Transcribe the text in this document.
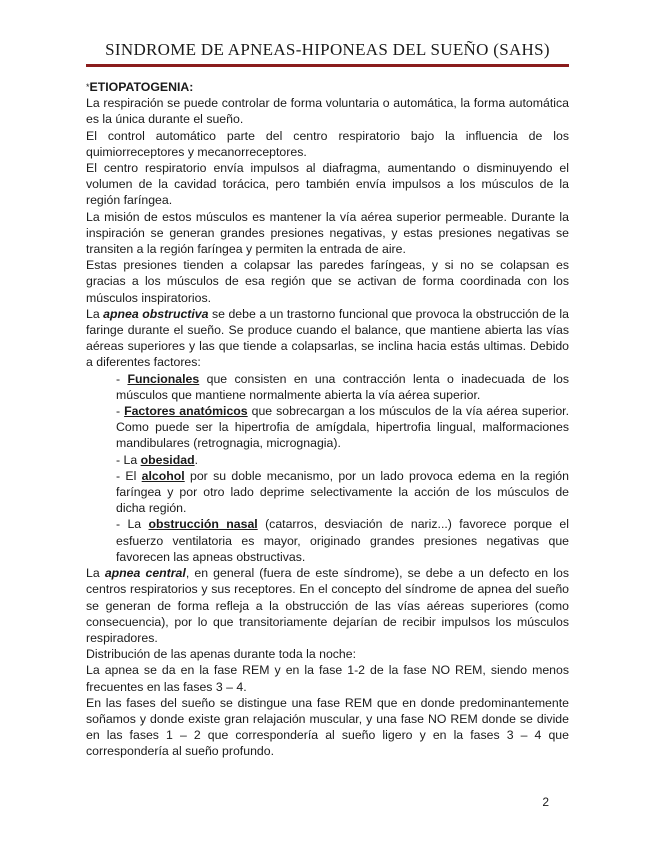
SINDROME DE APNEAS-HIPONEAS DEL SUEÑO (SAHS)

*ETIOPATOGENIA:

La respiración se puede controlar de forma voluntaria o automática, la forma automática es la única durante el sueño.

El control automático parte del centro respiratorio bajo la influencia de los quimiorreceptores y mecanorreceptores.

El centro respiratorio envía impulsos al diafragma, aumentando o disminuyendo el volumen de la cavidad torácica, pero también envía impulsos a los músculos de la región faríngea.

La misión de estos músculos es mantener la vía aérea superior permeable. Durante la inspiración se generan grandes presiones negativas, y estas presiones negativas se transiten a la región faríngea y permiten la entrada de aire.

Estas presiones tienden a colapsar las paredes faríngeas, y si no se colapsan es gracias a los músculos de esa región que se activan de forma coordinada con los músculos inspiratorios.

La apnea obstructiva se debe a un trastorno funcional que provoca la obstrucción de la faringe durante el sueño. Se produce cuando el balance, que mantiene abierta las vías aéreas superiores y las que tiende a colapsarlas, se inclina hacia estás ultimas. Debido a diferentes factores:

- Funcionales que consisten en una contracción lenta o inadecuada de los músculos que mantiene normalmente abierta la vía aérea superior.

- Factores anatómicos que sobrecargan a los músculos de la vía aérea superior. Como puede ser la hipertrofia de amígdala, hipertrofia lingual, malformaciones mandibulares (retrognagia, micrognagia).

- La obesidad.

- El alcohol por su doble mecanismo, por un lado provoca edema en la región faríngea y por otro lado deprime selectivamente la acción de los músculos de dicha región.

- La obstrucción nasal (catarros, desviación de nariz...) favorece porque el esfuerzo ventilatoria es mayor, originado grandes presiones negativas que favorecen las apneas obstructivas.

La apnea central, en general (fuera de este síndrome), se debe a un defecto en los centros respiratorios y sus receptores. En el concepto del síndrome de apnea del sueño se generan de forma refleja a la obstrucción de las vías aéreas superiores (como consecuencia), por lo que transitoriamente dejarían de recibir impulsos los músculos respiradores.

Distribución de las apenas durante toda la noche:

La apnea se da en la fase REM y en la fase 1-2 de la fase NO REM, siendo menos frecuentes en las fases 3 – 4.

En las fases del sueño se distingue una fase REM que en donde predominantemente soñamos y donde existe gran relajación muscular, y una fase NO REM donde se divide en las fases 1 – 2 que correspondería al sueño ligero y en la fases 3 – 4 que correspondería al sueño profundo.

2
